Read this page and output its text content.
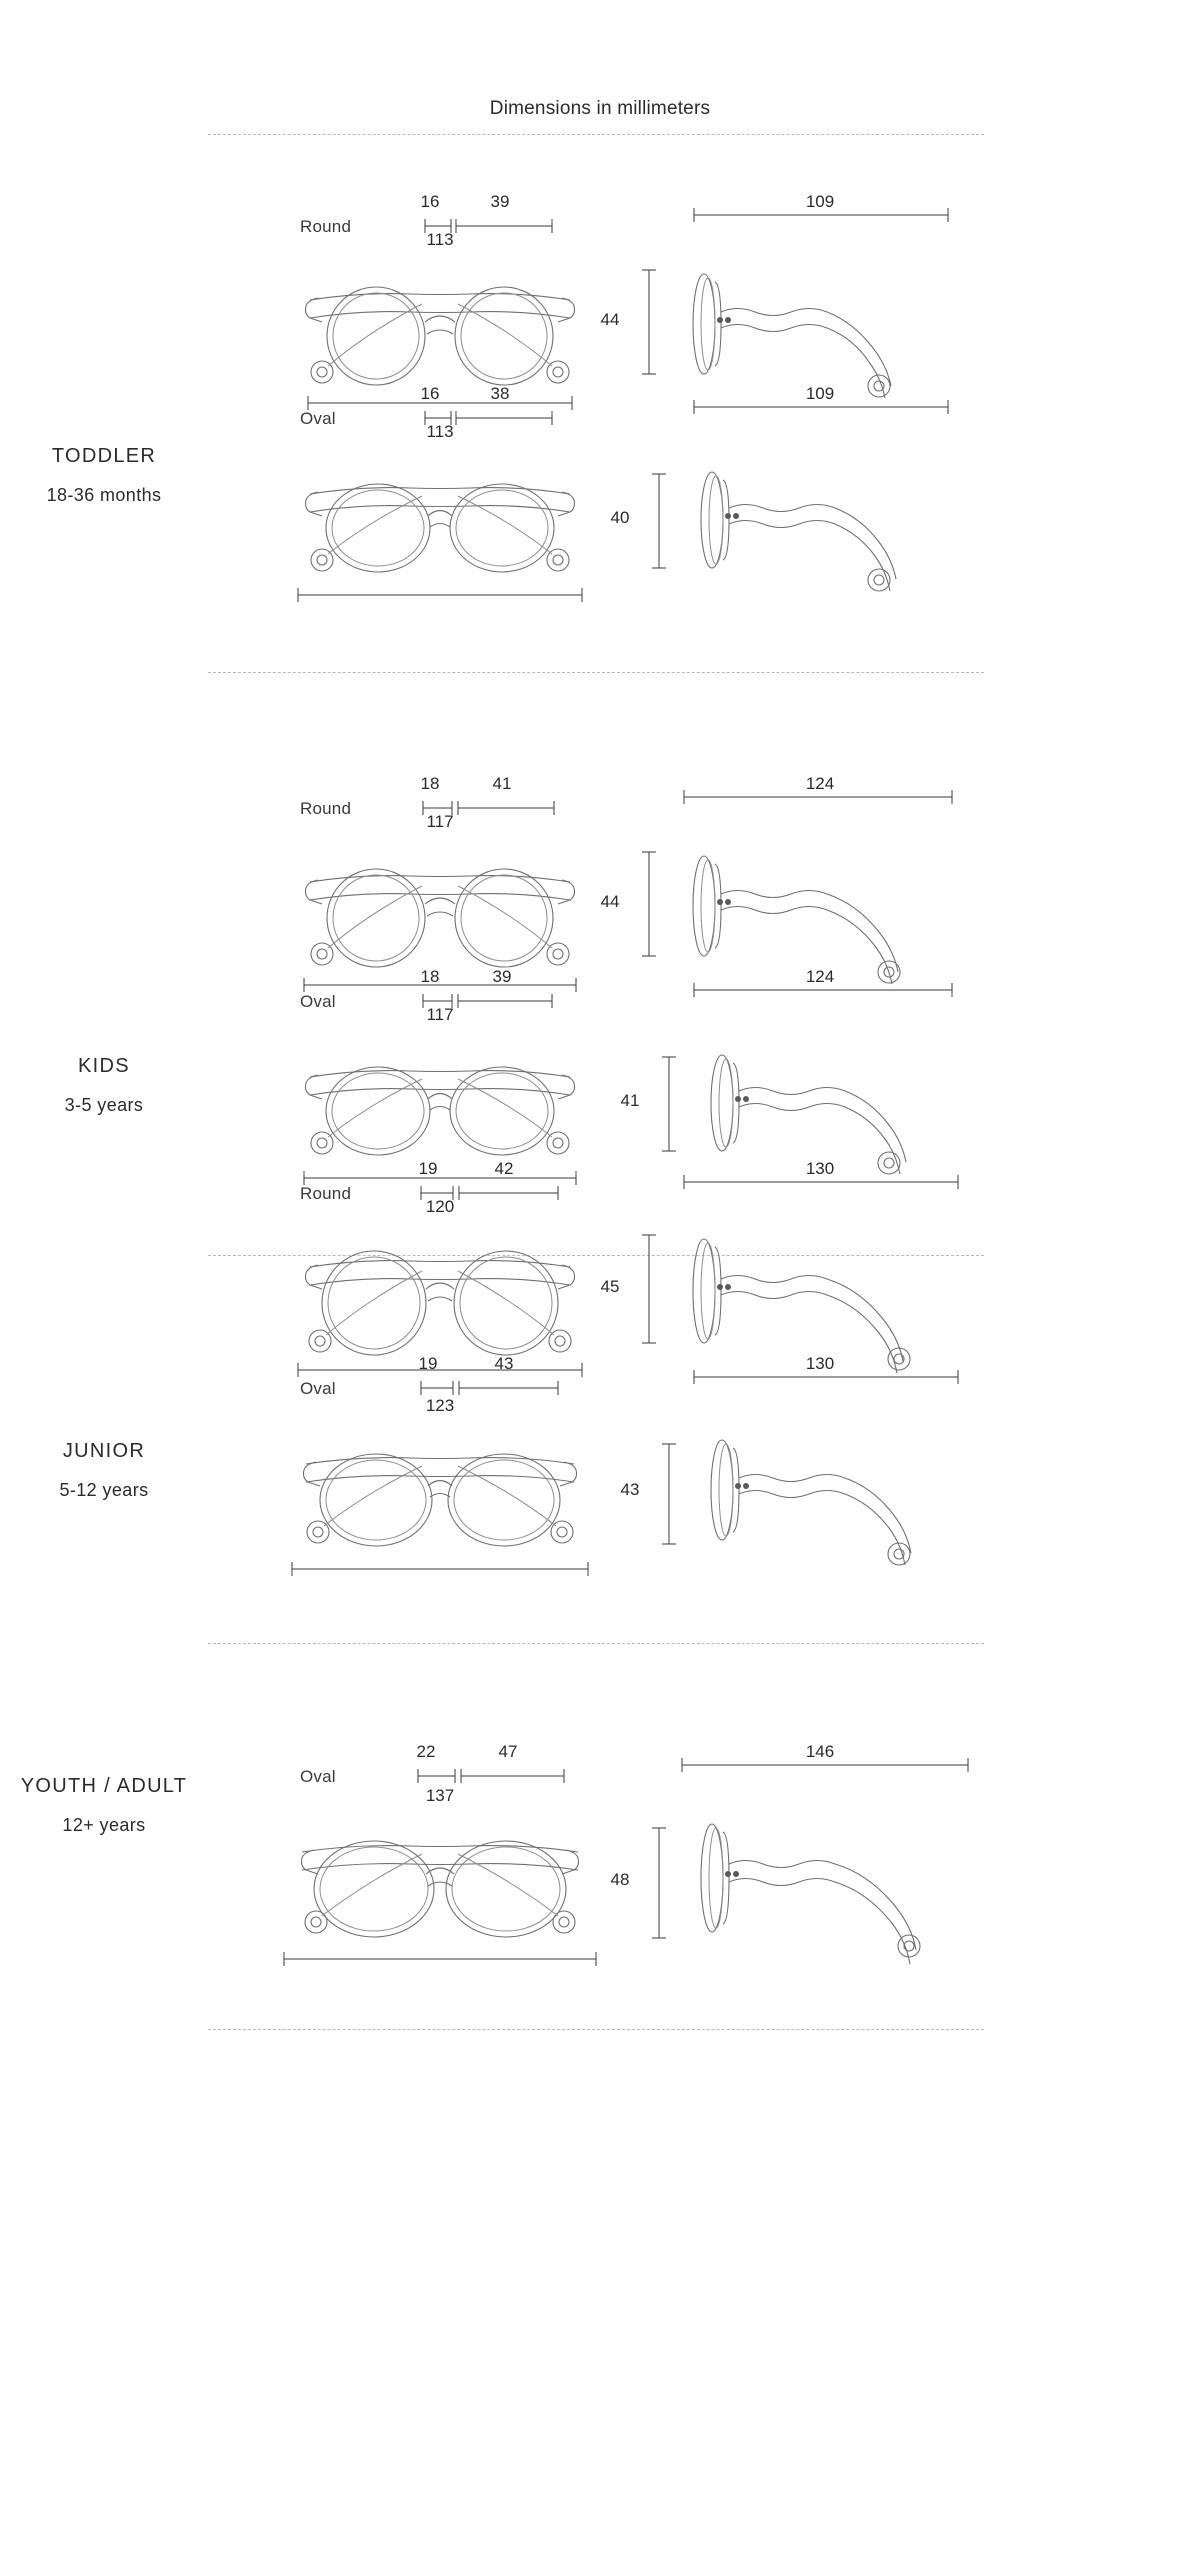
Dimensions in millimeters
TODDLER
18-36 months
Round
16	39
113
109
44
Oval
16	38
113
109
40
KIDS
3-5 years
Round
18	41
117
124
44
Oval
18	39
117
124
41
JUNIOR
5-12 years
Round
19	42
120
130
45
Oval
19	43
123
130
43
YOUTH / ADULT
12+ years
Oval
22	47
137
146
48
